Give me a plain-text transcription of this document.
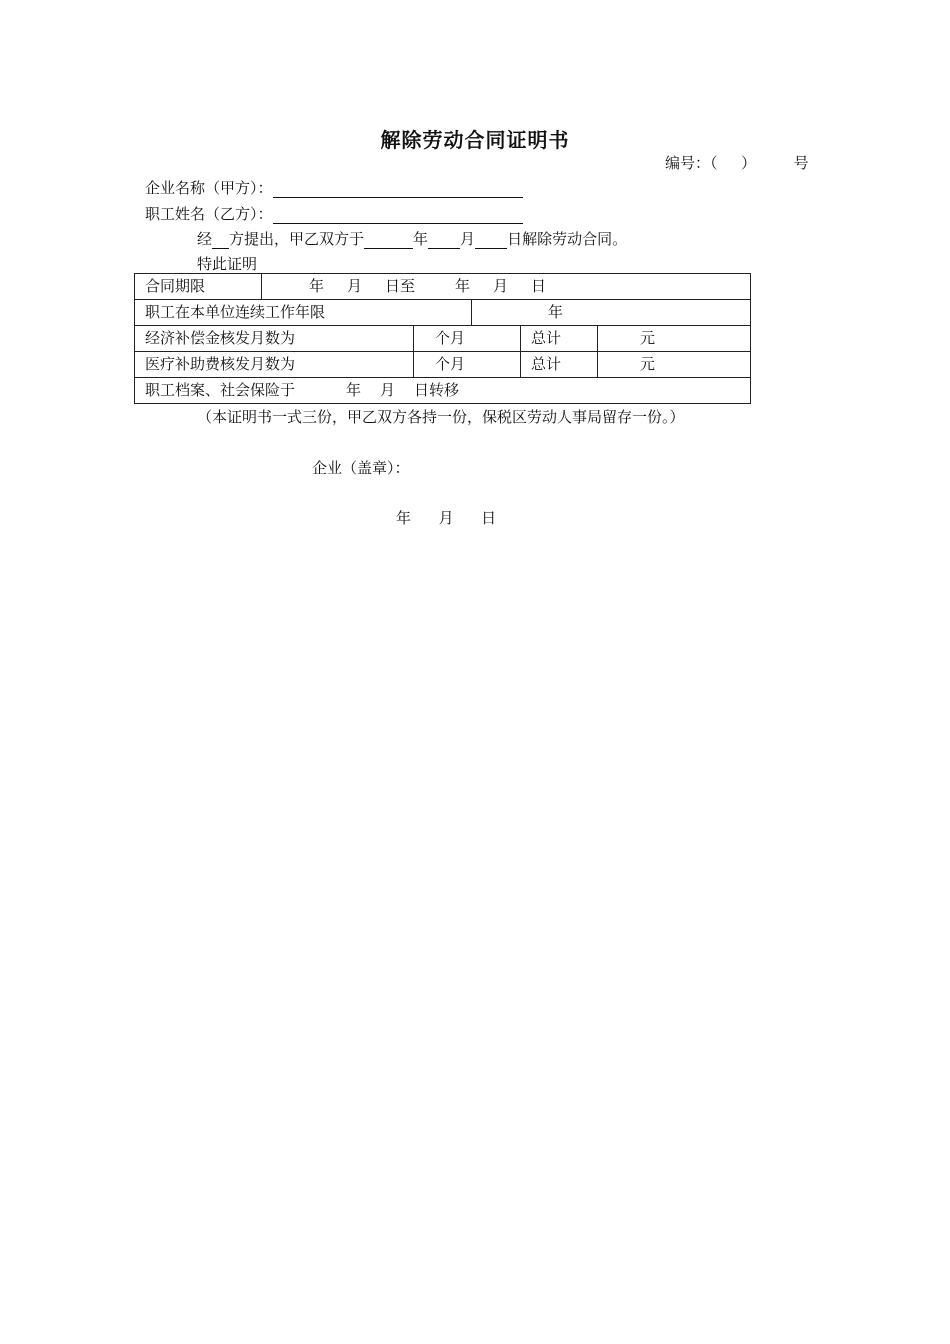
解除劳动合同证明书
编号：（ ）	号
企业名称（甲方）：
职工姓名（乙方）：
经 方提出，甲乙双方于	年 月 日解除劳动合同。
特此证明
合同期限	年 月 日至	年 月 日
职工在本单位连续工作年限	年
经济补偿金核发月数为	个月	总计	元
医疗补助费核发月数为	个月	总计	元
职工档案、社会保险于	年 月 日转移
（本证明书一式三份，甲乙双方各持一份，保税区劳动人事局留存一份。）
企业（盖章）：
年 月 日
